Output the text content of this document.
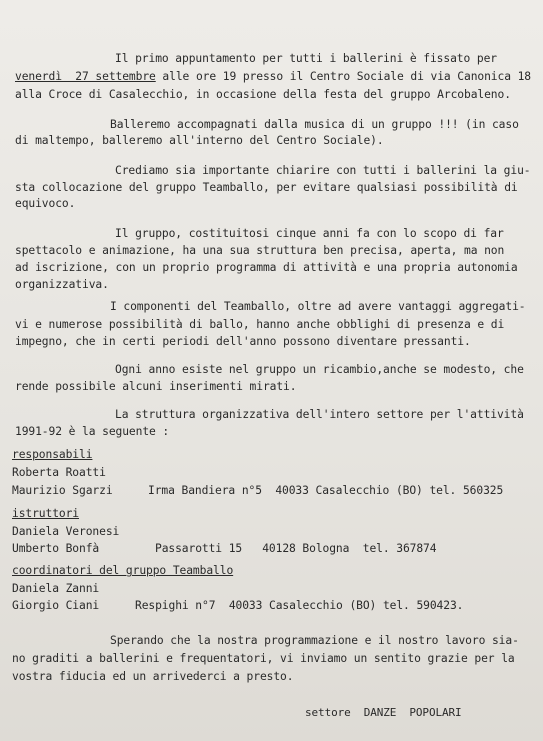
Il primo appuntamento per tutti i ballerini è fissato per
venerdì  27 settembre alle ore 19 presso il Centro Sociale di via Canonica 18
alla Croce di Casalecchio, in occasione della festa del gruppo Arcobaleno.
Balleremo accompagnati dalla musica di un gruppo !!! (in caso
di maltempo, balleremo all'interno del Centro Sociale).
Crediamo sia importante chiarire con tutti i ballerini la giu-
sta collocazione del gruppo Teamballo, per evitare qualsiasi possibilità di
equivoco.
Il gruppo, costituitosi cinque anni fa con lo scopo di far
spettacolo e animazione, ha una sua struttura ben precisa, aperta, ma non
ad iscrizione, con un proprio programma di attività e una propria autonomia
organizzativa.
I componenti del Teamballo, oltre ad avere vantaggi aggregati-
vi e numerose possibilità di ballo, hanno anche obblighi di presenza e di
impegno, che in certi periodi dell'anno possono diventare pressanti.
Ogni anno esiste nel gruppo un ricambio,anche se modesto, che
rende possibile alcuni inserimenti mirati.
La struttura organizzativa dell'intero settore per l'attività
1991-92 è la seguente :
responsabili
Roberta Roatti
Maurizio Sgarzi	Irma Bandiera n°5  40033 Casalecchio (BO) tel. 560325
istruttori
Daniela Veronesi
Umberto Bonfà	Passarotti 15   40128 Bologna  tel. 367874
coordinatori del gruppo Teamballo
Daniela Zanni
Giorgio Ciani	Respighi n°7  40033 Casalecchio (BO) tel. 590423.
Sperando che la nostra programmazione e il nostro lavoro sia-
no graditi a ballerini e frequentatori, vi inviamo un sentito grazie per la
vostra fiducia ed un arrivederci a presto.
settore DANZE  POPOLARI
